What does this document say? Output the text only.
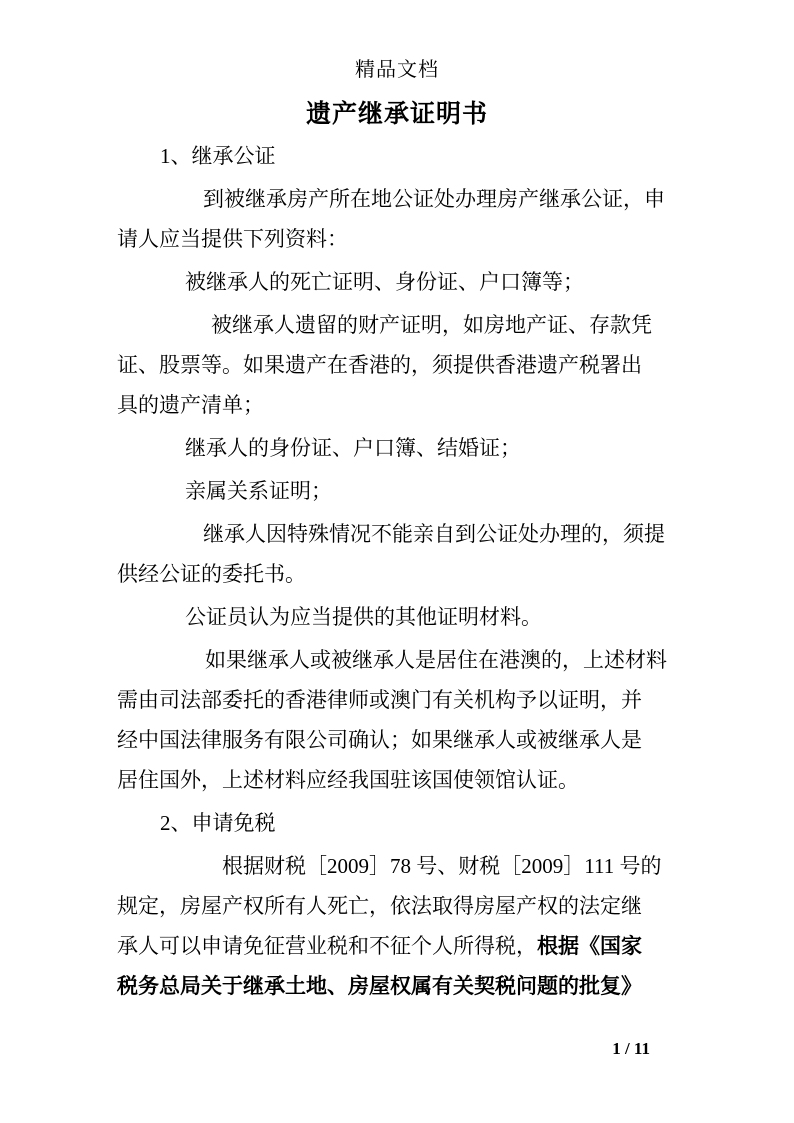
精品文档
遗产继承证明书
1、继承公证
到被继承房产所在地公证处办理房产继承公证，申
请人应当提供下列资料：
被继承人的死亡证明、身份证、户口簿等；
被继承人遗留的财产证明，如房地产证、存款凭
证、股票等。如果遗产在香港的，须提供香港遗产税署出
具的遗产清单；
继承人的身份证、户口簿、结婚证；
亲属关系证明；
继承人因特殊情况不能亲自到公证处办理的，须提
供经公证的委托书。
公证员认为应当提供的其他证明材料。
如果继承人或被继承人是居住在港澳的，上述材料
需由司法部委托的香港律师或澳门有关机构予以证明，并
经中国法律服务有限公司确认；如果继承人或被继承人是
居住国外，上述材料应经我国驻该国使领馆认证。
2、申请免税
根据财税［2009］78 号、财税［2009］111 号的
规定，房屋产权所有人死亡，依法取得房屋产权的法定继
承人可以申请免征营业税和不征个人所得税，根据《国家
税务总局关于继承土地、房屋权属有关契税问题的批复》
1 / 11
